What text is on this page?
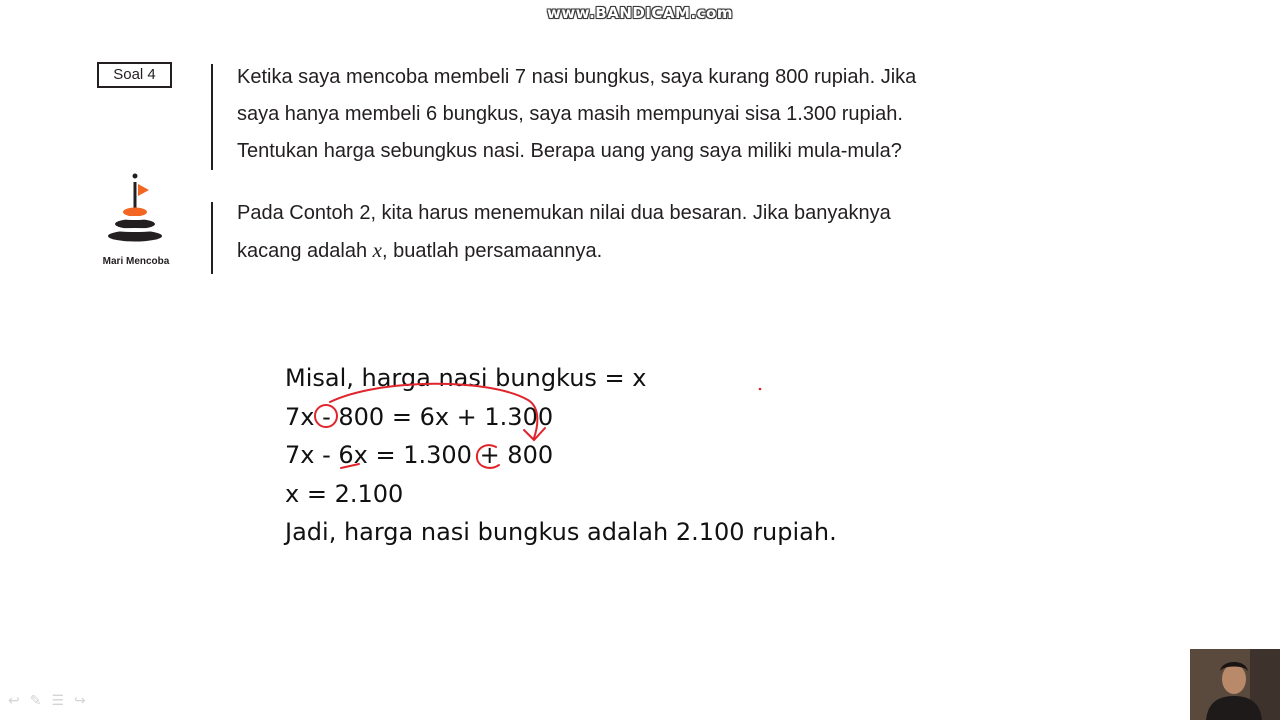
www.BANDICAM.com
Soal 4	Ketika saya mencoba membeli 7 nasi bungkus, saya kurang 800 rupiah. Jika
saya hanya membeli 6 bungkus, saya masih mempunyai sisa 1.300 rupiah.
Tentukan harga sebungkus nasi. Berapa uang yang saya miliki mula-mula?
Mari Mencoba
Pada Contoh 2, kita harus menemukan nilai dua besaran. Jika banyaknya
kacang adalah x, buatlah persamaannya.
Misal, harga nasi bungkus = x
7x - 800 = 6x + 1.300
7x - 6x = 1.300 + 800
x = 2.100
Jadi, harga nasi bungkus adalah 2.100 rupiah.
↩ ✎ ☰ ↪
